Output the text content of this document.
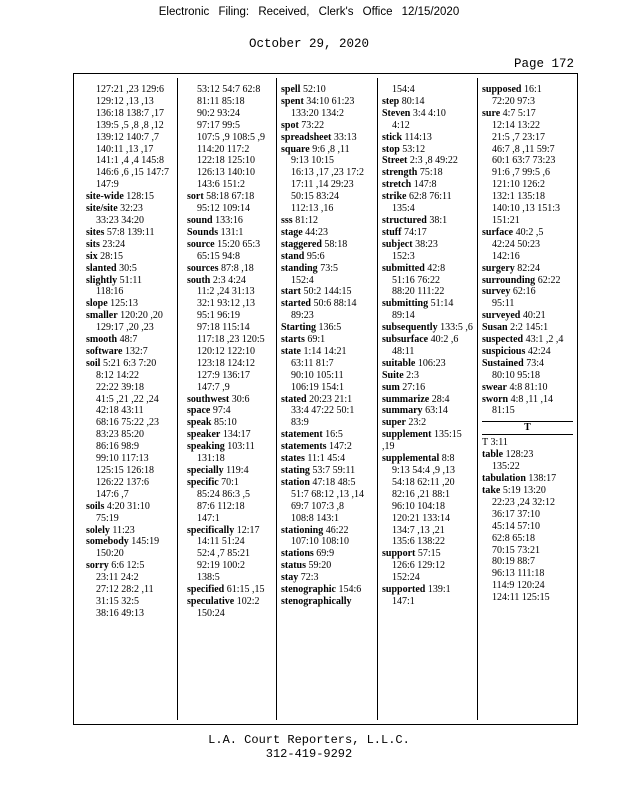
Electronic Filing: Received, Clerk's Office 12/15/2020
October 29, 2020
Page 172
127:21 ,23 129:6
129:12 ,13 ,13
136:18 138:7 ,17
139:5 ,5 ,8 ,8 ,12
139:12 140:7 ,7
140:11 ,13 ,17
141:1 ,4 ,4 145:8
146:6 ,6 ,15 147:7
147:9
site-wide 128:15
site/site 32:23
33:23 34:20
sites 57:8 139:11
sits 23:24
six 28:15
slanted 30:5
slightly 51:11
118:16
slope 125:13
smaller 120:20 ,20
129:17 ,20 ,23
smooth 48:7
software 132:7
soil 5:21 6:3 7:20
8:12 14:22
22:22 39:18
41:5 ,21 ,22 ,24
42:18 43:11
68:16 75:22 ,23
83:23 85:20
86:16 98:9
99:10 117:13
125:15 126:18
126:22 137:6
147:6 ,7
soils 4:20 31:10
75:19
solely 11:23
somebody 145:19
150:20
sorry 6:6 12:5
23:11 24:2
27:12 28:2 ,11
31:15 32:5
38:16 49:13
53:12 54:7 62:8
81:11 85:18
90:2 93:24
97:17 99:5
107:5 ,9 108:5 ,9
114:20 117:2
122:18 125:10
126:13 140:10
143:6 151:2
sort 58:18 67:18
95:12 109:14
sound 133:16
Sounds 131:1
source 15:20 65:3
65:15 94:8
sources 87:8 ,18
south 2:3 4:24
11:2 ,24 31:13
32:1 93:12 ,13
95:1 96:19
97:18 115:14
117:18 ,23 120:5
120:12 122:10
123:18 124:12
127:9 136:17
147:7 ,9
southwest 30:6
space 97:4
speak 85:10
speaker 134:17
speaking 103:11
131:18
specially 119:4
specific 70:1
85:24 86:3 ,5
87:6 112:18
147:1
specifically 12:17
14:11 51:24
52:4 ,7 85:21
92:19 100:2
138:5
specified 61:15 ,15
speculative 102:2
150:24
spell 52:10
spent 34:10 61:23
133:20 134:2
spot 73:22
spreadsheet 33:13
square 9:6 ,8 ,11
9:13 10:15
16:13 ,17 ,23 17:2
17:11 ,14 29:23
50:15 83:24
112:13 ,16
sss 81:12
stage 44:23
staggered 58:18
stand 95:6
standing 73:5
152:4
start 50:2 144:15
started 50:6 88:14
89:23
Starting 136:5
starts 69:1
state 1:14 14:21
63:11 81:7
90:10 105:11
106:19 154:1
stated 20:23 21:1
33:4 47:22 50:1
83:9
statement 16:5
statements 147:2
states 11:1 45:4
stating 53:7 59:11
station 47:18 48:5
51:7 68:12 ,13 ,14
69:7 107:3 ,8
108:8 143:1
stationing 46:22
107:10 108:10
stations 69:9
status 59:20
stay 72:3
stenographic 154:6
stenographically
154:4
step 80:14
Steven 3:4 4:10
4:12
stick 114:13
stop 53:12
Street 2:3 ,8 49:22
strength 75:18
stretch 147:8
strike 62:8 76:11
135:4
structured 38:1
stuff 74:17
subject 38:23
152:3
submitted 42:8
51:16 76:22
88:20 111:22
submitting 51:14
89:14
subsequently 133:5 ,6
subsurface 40:2 ,6
48:11
suitable 106:23
Suite 2:3
sum 27:16
summarize 28:4
summary 63:14
super 23:2
supplement 135:15 ,19
supplemental 8:8
9:13 54:4 ,9 ,13
54:18 62:11 ,20
82:16 ,21 88:1
96:10 104:18
120:21 133:14
134:7 ,13 ,21
135:6 138:22
support 57:15
126:6 129:12
152:24
supported 139:1
147:1
supposed 16:1
72:20 97:3
sure 4:7 5:17
12:14 13:22
21:5 ,7 23:17
46:7 ,8 ,11 59:7
60:1 63:7 73:23
91:6 ,7 99:5 ,6
121:10 126:2
132:1 135:18
140:10 ,13 151:3
151:21
surface 40:2 ,5
42:24 50:23
142:16
surgery 82:24
surrounding 62:22
survey 62:16
95:11
surveyed 40:21
Susan 2:2 145:1
suspected 43:1 ,2 ,4
suspicious 42:24
Sustained 73:4
80:10 95:18
swear 4:8 81:10
sworn 4:8 ,11 ,14
81:15
T
T 3:11
table 128:23
135:22
tabulation 138:17
take 5:19 13:20
22:23 ,24 32:12
36:17 37:10
45:14 57:10
62:8 65:18
70:15 73:21
80:19 88:7
96:13 111:18
114:9 120:24
124:11 125:15
L.A. Court Reporters, L.L.C.
312-419-9292
